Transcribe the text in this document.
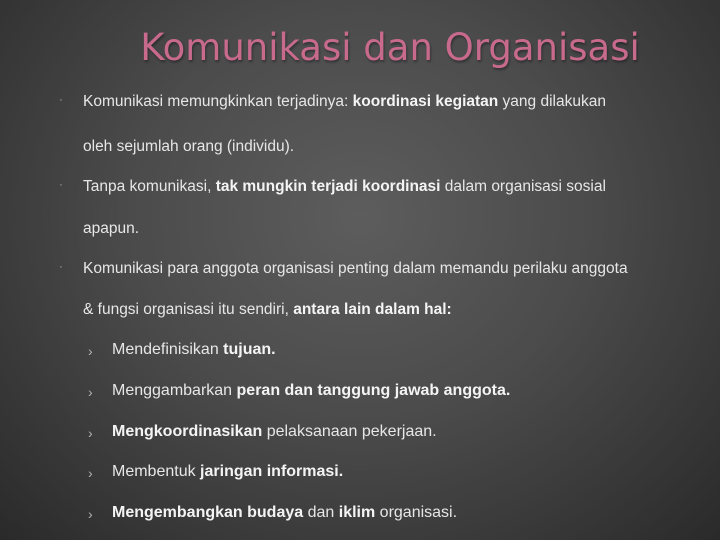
Komunikasi dan Organisasi
· Komunikasi memungkinkan terjadinya: koordinasi kegiatan yang dilakukan
oleh sejumlah orang (individu).
· Tanpa komunikasi, tak mungkin terjadi koordinasi dalam organisasi sosial
apapun.
· Komunikasi para anggota organisasi penting dalam memandu perilaku anggota
& fungsi organisasi itu sendiri, antara lain dalam hal:
› Mendefinisikan tujuan.
› Menggambarkan peran dan tanggung jawab anggota.
› Mengkoordinasikan pelaksanaan pekerjaan.
› Membentuk jaringan informasi.
› Mengembangkan budaya dan iklim organisasi.
